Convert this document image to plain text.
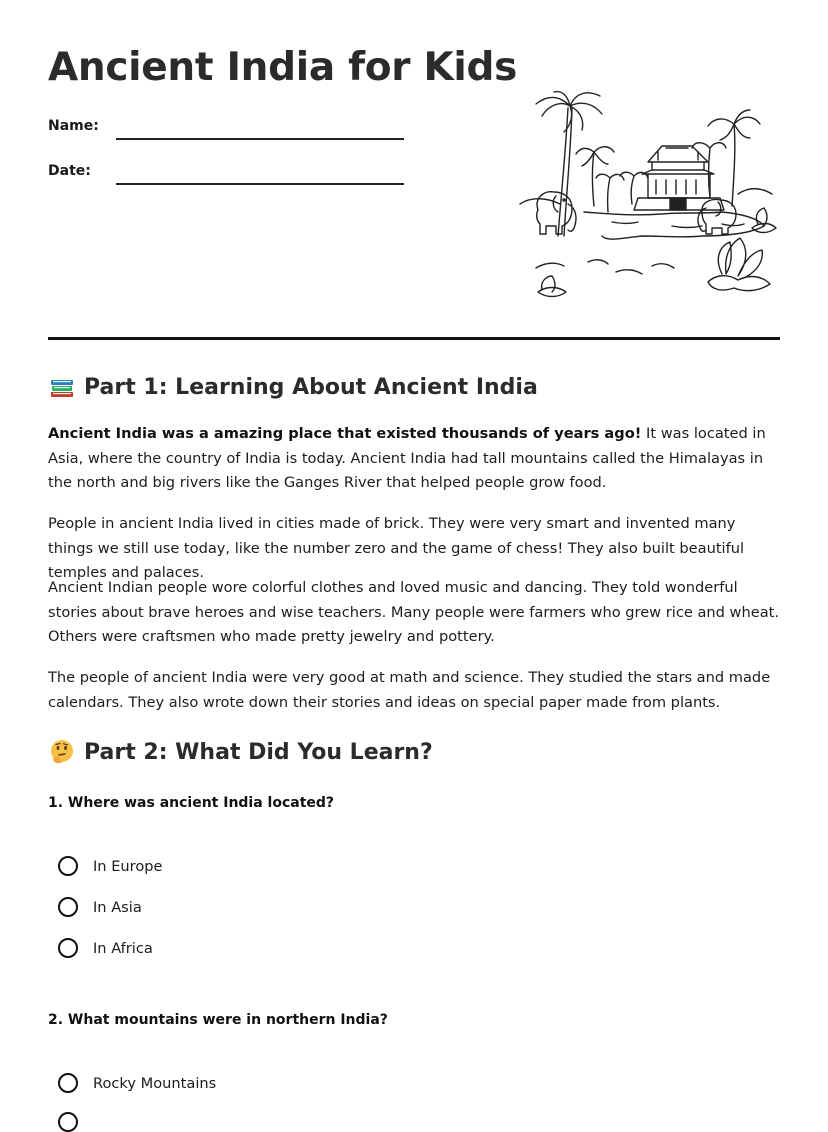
Ancient India for Kids
Name:
Date:
Part 1: Learning About Ancient India

Ancient India was a amazing place that existed thousands of years ago! It was located in Asia, where the country of India is today. Ancient India had tall mountains called the Himalayas in the north and big rivers like the Ganges River that helped people grow food.

People in ancient India lived in cities made of brick. They were very smart and invented many things we still use today, like the number zero and the game of chess! They also built beautiful temples and palaces.

Ancient Indian people wore colorful clothes and loved music and dancing. They told wonderful stories about brave heroes and wise teachers. Many people were farmers who grew rice and wheat. Others were craftsmen who made pretty jewelry and pottery.

The people of ancient India were very good at math and science. They studied the stars and made calendars. They also wrote down their stories and ideas on special paper made from plants.

Part 2: What Did You Learn?
1. Where was ancient India located?
In Europe
In Asia
In Africa
2. What mountains were in northern India?
Rocky Mountains
